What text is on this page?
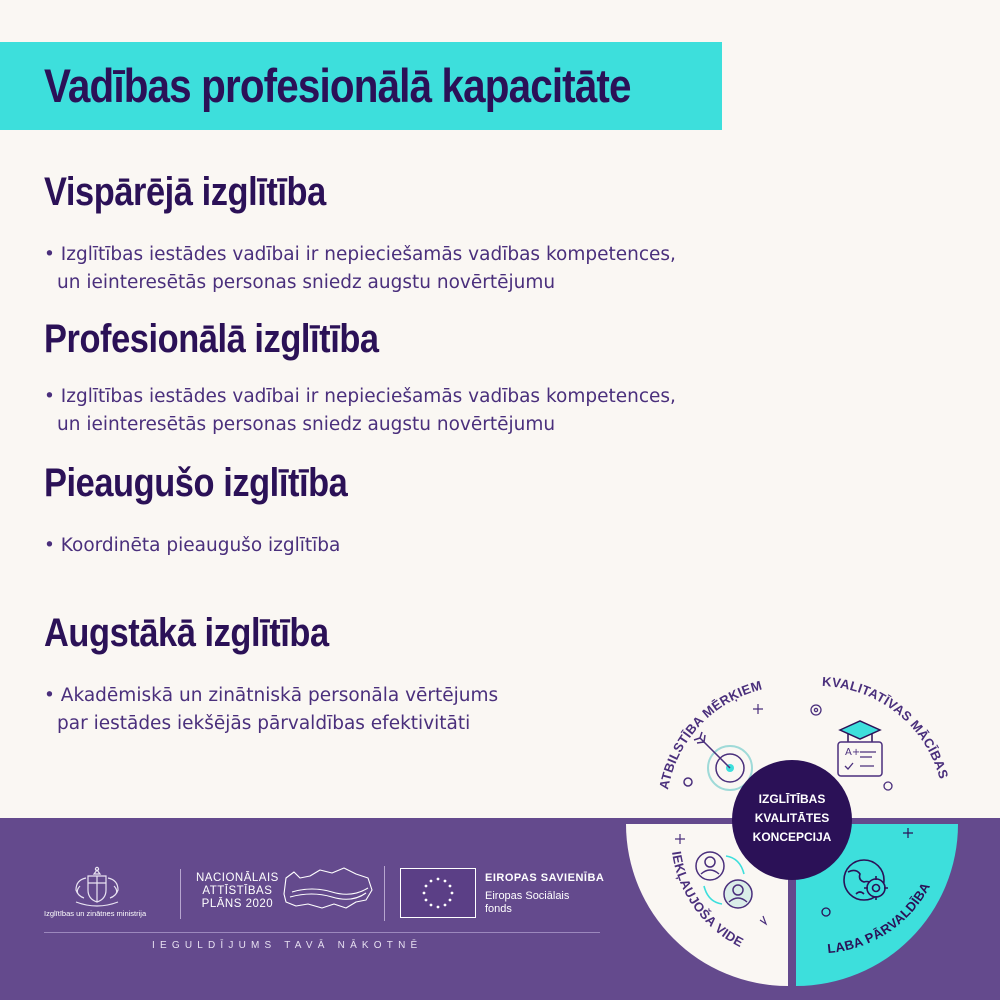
Vadības profesionālā kapacitāte
Vispārējā izglītība
• Izglītības iestādes vadībai ir nepieciešamās vadības kompetences,
un ieinteresētās personas sniedz augstu novērtējumu
Profesionālā izglītība
• Izglītības iestādes vadībai ir nepieciešamās vadības kompetences,
un ieinteresētās personas sniedz augstu novērtējumu
Pieaugušo izglītība
• Koordinēta pieaugušo izglītība
Augstākā izglītība
• Akadēmiskā un zinātniskā personāla vērtējums
par iestādes iekšējās pārvaldības efektivitāti
Izglītības un zinātnes ministrija
NACIONĀLAIS
ATTĪSTĪBAS
PLĀNS 2020
EIROPAS SAVIENĪBA
Eiropas Sociālais
fonds
IEGULDĪJUMS TAVĀ NĀKOTNĒ
A+
ATBILSTĪBA MĒRĶIEM	KVALITATĪVAS MĀCĪBAS
IEKĻAUJOŠA VIDE	LABA PĀRVALDĪBA
IZGLĪTĪBAS
KVALITĀTES
KONCEPCIJA
